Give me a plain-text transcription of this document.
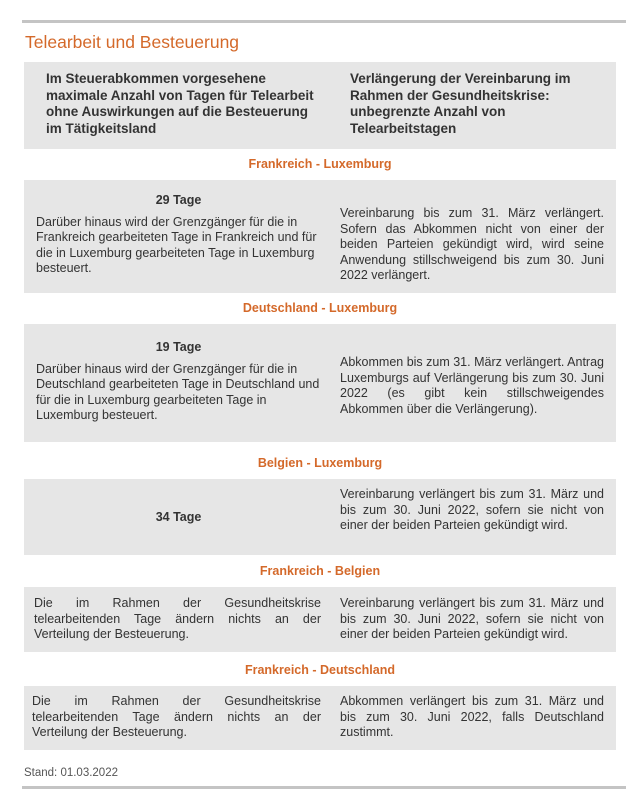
Telearbeit und Besteuerung
Im Steuerabkommen vorgesehene maximale Anzahl von Tagen für Telearbeit ohne Auswirkungen auf die Besteuerung im Tätigkeitsland
Verlängerung der Vereinbarung im Rahmen der Gesundheitskrise: unbegrenzte Anzahl von Telearbeitstagen
Frankreich - Luxemburg
29 Tage
Darüber hinaus wird der Grenzgänger für die in Frankreich gearbeiteten Tage in Frankreich und für die in Luxemburg gearbeiteten Tage in Luxemburg besteuert.
Vereinbarung bis zum 31. März verlängert. Sofern das Abkommen nicht von einer der beiden Parteien gekündigt wird, wird seine Anwendung stillschweigend bis zum 30. Juni 2022 verlängert.
Deutschland - Luxemburg
19 Tage
Darüber hinaus wird der Grenzgänger für die in Deutschland gearbeiteten Tage in Deutschland und für die in Luxemburg gearbeiteten Tage in Luxemburg besteuert.
Abkommen bis zum 31. März verlängert. Antrag Luxemburgs auf Verlängerung bis zum 30. Juni 2022 (es gibt kein stillschweigendes Abkommen über die Verlängerung).
Belgien - Luxemburg
34 Tage
Vereinbarung verlängert bis zum 31. März und bis zum 30. Juni 2022, sofern sie nicht von einer der beiden Parteien gekündigt wird.
Frankreich - Belgien
Die im Rahmen der Gesundheitskrise telearbeitenden Tage ändern nichts an der Verteilung der Besteuerung.
Vereinbarung verlängert bis zum 31. März und bis zum 30. Juni 2022, sofern sie nicht von einer der beiden Parteien gekündigt wird.
Frankreich - Deutschland
Die im Rahmen der Gesundheitskrise telearbeitenden Tage ändern nichts an der Verteilung der Besteuerung.
Abkommen verlängert bis zum 31. März und bis zum 30. Juni 2022, falls Deutschland zustimmt.
Stand: 01.03.2022
